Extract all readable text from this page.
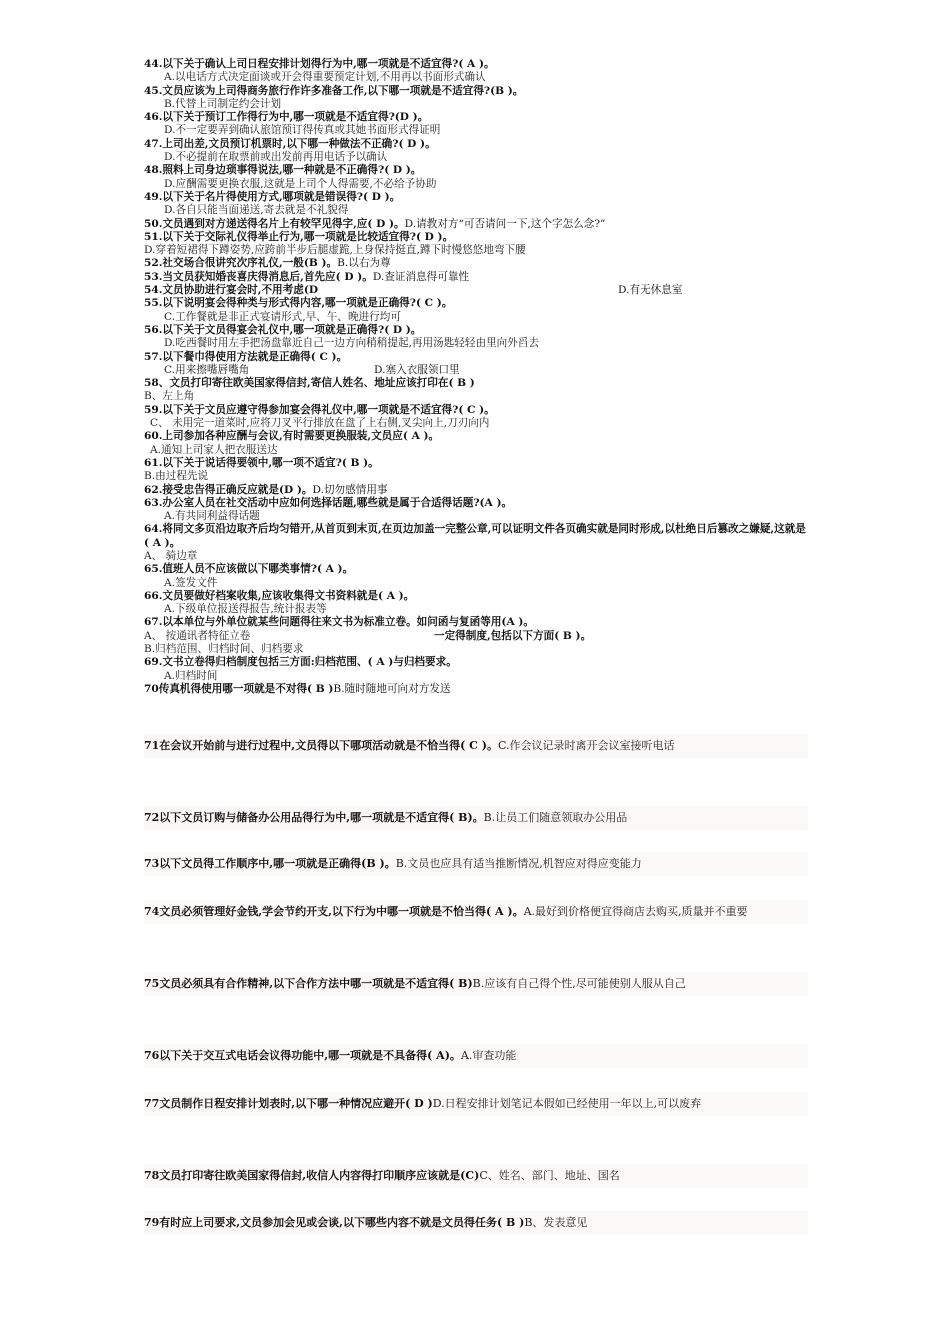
44.以下关于确认上司日程安排计划得行为中,哪一项就是不适宜得?( A )。
A.以电话方式决定面谈或开会得重要预定计划,不用再以书面形式确认
45.文员应该为上司得商务旅行作许多准备工作,以下哪一项就是不适宜得?(B )。
B.代替上司制定约会计划
46.以下关于预订工作得行为中,哪一项就是不适宜得?(D )。
D.不一定要弄到确认旅馆预订得传真或其她书面形式得证明
47.上司出差,文员预订机票时,以下哪一种做法不正确?( D )。
D.不必提前在取票前或出发前再用电话予以确认
48.照料上司身边琐事得说法,哪一种就是不正确得?( D )。
D.应酬需要更换衣服,这就是上司个人得需要,不必给予协助
49.以下关于名片得使用方式,哪项就是错误得?( D )。
D.各自只能当面递送,寄去就是不礼貌得
50.文员遇到对方递送得名片上有较罕见得字,应( D )。D.请教对方“可否请问一下,这个字怎么念?”
51.以下关于交际礼仪得举止行为,哪一项就是比较适宜得?( D )。
D.穿着短裙得下蹲姿势,应跨前半步后腿虚跪,上身保持挺直,蹲下时慢悠悠地弯下腰
52.社交场合很讲究次序礼仪,一般(B )。B.以右为尊
53.当文员获知婚丧喜庆得消息后,首先应( D )。D.查证消息得可靠性
54.文员协助进行宴会时,不用考虑(D	D.有无休息室
55.以下说明宴会得种类与形式得内容,哪一项就是正确得?( C )。
C.工作餐就是非正式宴请形式,早、午、晚进行均可
56.以下关于文员得宴会礼仪中,哪一项就是正确得?( D )。
D.吃西餐时用左手把汤盘靠近自己一边方向稍稍提起,再用汤匙轻轻由里向外舀去
57.以下餐巾得使用方法就是正确得( C )。
C.用来擦嘴唇嘴角	D.塞入衣服领口里
58、文员打印寄往欧美国家得信封,寄信人姓名、地址应该打印在( B )
B、左上角
59.以下关于文员应遵守得参加宴会得礼仪中,哪一项就是不适宜得?( C )。
C、 未用完一道菜时,应将刀叉平行排放在盘了上右侧,叉尖向上,刀刃向内
60.上司参加各种应酬与会议,有时需要更换服装,文员应( A )。
A.通知上司家人把衣服送达
61.以下关于说话得要领中,哪一项不适宜?( B )。
B.由过程先说
62.接受忠告得正确反应就是(D )。D.切勿感情用事
63.办公室人员在社交活动中应如何选择话题,哪些就是属于合适得话题?(A )。
A.有共同利益得话题
64.将同文多页沿边取齐后均匀错开,从首页到末页,在页边加盖一完整公章,可以证明文件各页确实就是同时形成,以杜绝日后篡改之嫌疑,这就是( A )。
A、 骑边章
65.值班人员不应该做以下哪类事情?( A )。
A.签发文件
66.文员要做好档案收集,应该收集得文书资料就是( A )。
A.下级单位报送得报告,统计报表等
67.以本单位与外单位就某些问题得往来文书为标准立卷。如问函与复函等用(A )。
A、 按通讯者特征立卷	一定得制度,包括以下方面( B )。
B.归档范围、归档时间、归档要求
69.文书立卷得归档制度包括三方面:归档范围、( A )与归档要求。
A.归档时间
70传真机得使用哪一项就是不对得( B )B.随时随地可向对方发送
71在会议开始前与进行过程中,文员得以下哪项活动就是不恰当得( C )。C.作会议记录时离开会议室接听电话
72以下文员订购与储备办公用品得行为中,哪一项就是不适宜得( B)。B.让员工们随意领取办公用品
73以下文员得工作顺序中,哪一项就是正确得(B )。B.文员也应具有适当推断情况,机智应对得应变能力
74文员必须管理好金钱,学会节约开支,以下行为中哪一项就是不恰当得( A )。A.最好到价格便宜得商店去购买,质量并不重要
75文员必须具有合作精神,以下合作方法中哪一项就是不适宜得( B)B.应该有自己得个性,尽可能使别人服从自己
76以下关于交互式电话会议得功能中,哪一项就是不具备得( A)。A.审查功能
77文员制作日程安排计划表时,以下哪一种情况应避开( D )D.日程安排计划笔记本假如已经使用一年以上,可以废弃
78文员打印寄往欧美国家得信封,收信人内容得打印顺序应该就是(C)C、姓名、部门、地址、国名
79有时应上司要求,文员参加会见或会谈,以下哪些内容不就是文员得任务( B )B、发表意见
